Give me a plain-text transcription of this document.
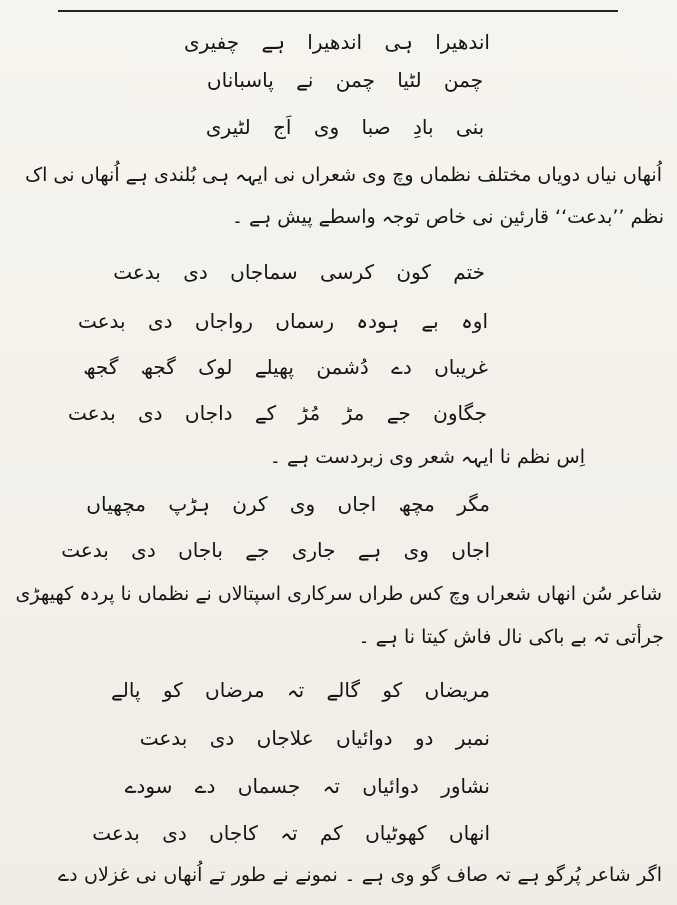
اندھیرا ہی اندھیرا ہے چفیری
چمن لٹیا چمن نے پاسباناں
بنی بادِ صبا وی اَج لٹیری
اُنھاں نیاں دویاں مختلف نظماں وچ وی شعراں نی ایہہ ہی بُلندی ہے اُنھاں نی اک
نظم ’’بدعت‘‘ قارئین نی خاص توجہ واسطے پیش ہے ۔
ختم کون کرسی سماجاں دی بدعت
اوہ بے ہودہ رسماں رواجاں دی بدعت
غریباں دے دُشمن پھیلے لوک گجھ گجھ
جگاون جے مڑ مُڑ کے داجاں دی بدعت
اِس نظم نا ایہہ شعر وی زبردست ہے ۔
مگر مچھ اجاں وی کرن ہڑپ مچھیاں
اجاں وی ہے جاری جے باجاں دی بدعت
شاعر سُن انھاں شعراں وچ کس طراں سرکاری اسپتالاں نے نظماں نا پردہ کھیھڑی
جرأتی تہ بے باکی نال فاش کیتا نا ہے ۔
مریضاں کو گالے تہ مرضاں کو پالے
نمبر دو دوائیاں علاجاں دی بدعت
نشاور دوائیاں تہ جسماں دے سودے
انھاں کھوٹیاں کم تہ کاجاں دی بدعت
اگر شاعر پُرگو ہے تہ صاف گو وی ہے ۔ نمونے نے طور تے اُنھاں نی غزلاں دے
